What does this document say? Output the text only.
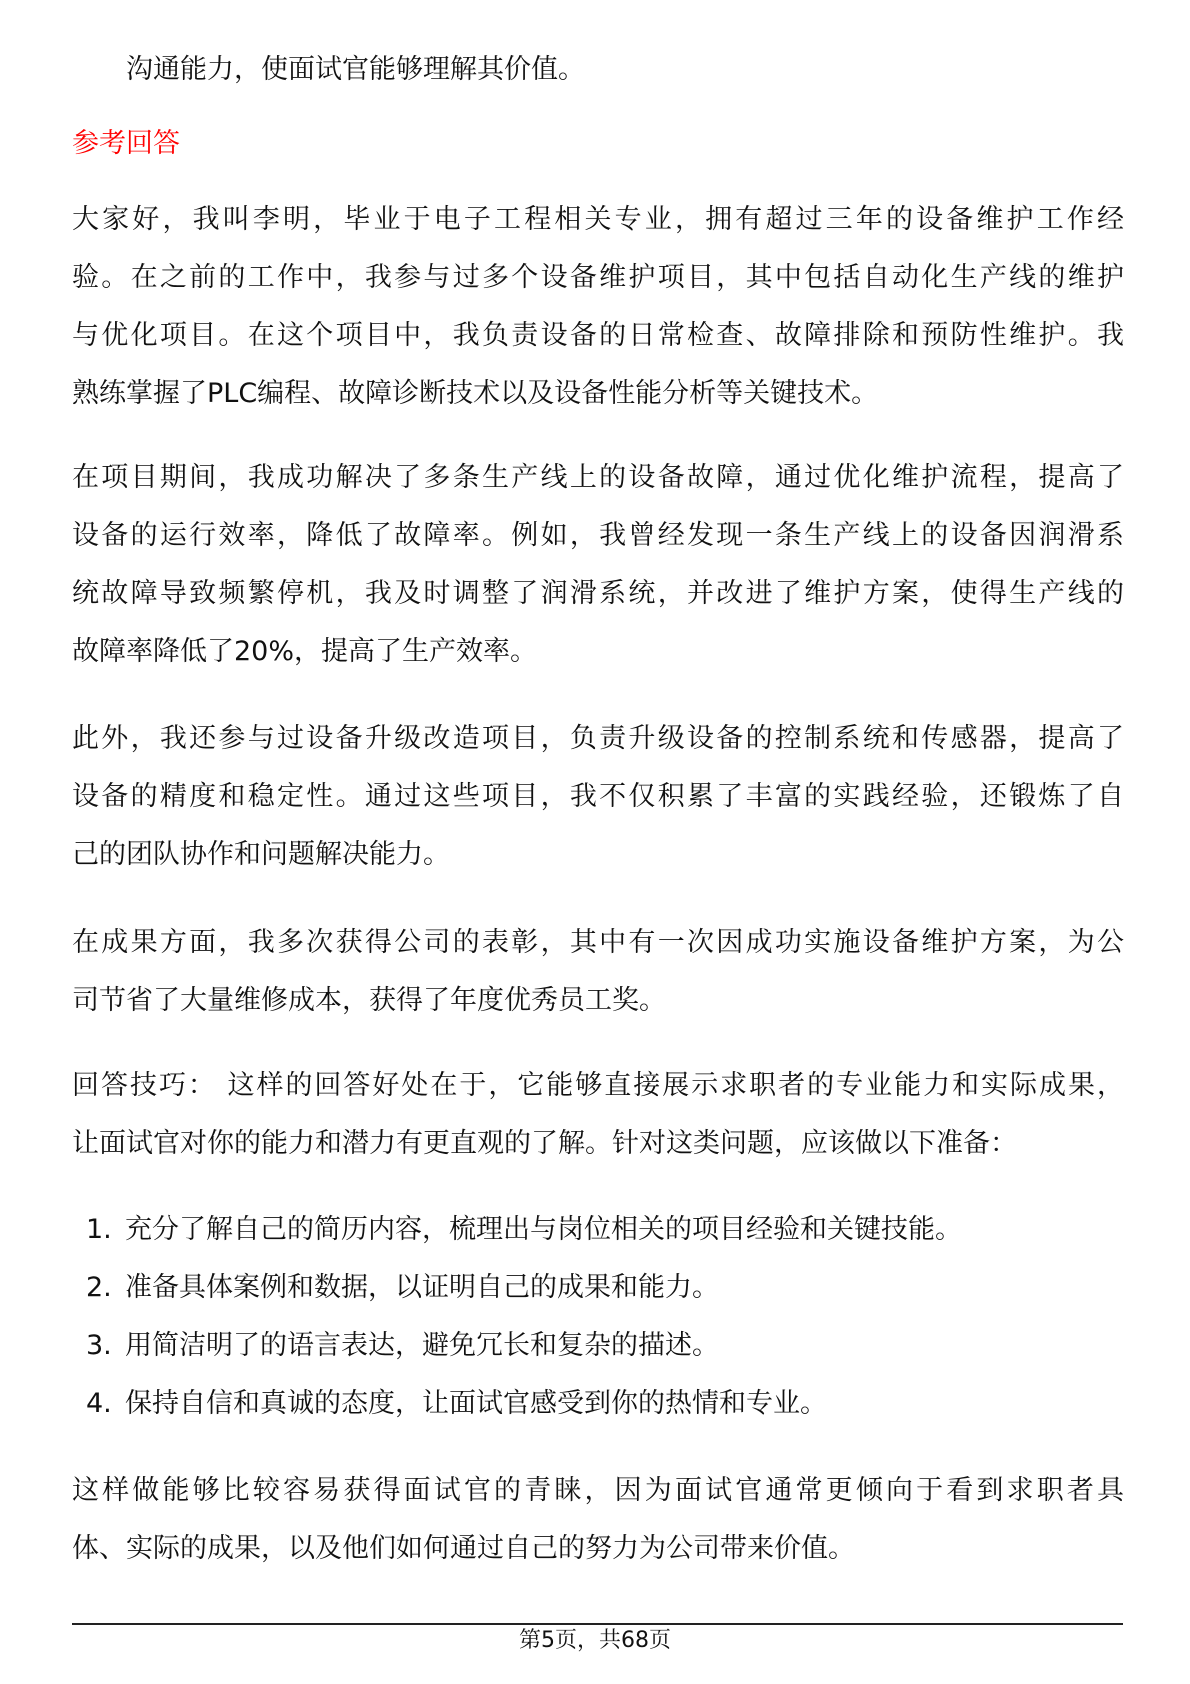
沟通能力，使面试官能够理解其价值。
参考回答
大家好，我叫李明，毕业于电子工程相关专业，拥有超过三年的设备维护工作经
验。在之前的工作中，我参与过多个设备维护项目，其中包括自动化生产线的维护
与优化项目。在这个项目中，我负责设备的日常检查、故障排除和预防性维护。我
熟练掌握了PLC编程、故障诊断技术以及设备性能分析等关键技术。
在项目期间，我成功解决了多条生产线上的设备故障，通过优化维护流程，提高了
设备的运行效率，降低了故障率。例如，我曾经发现一条生产线上的设备因润滑系
统故障导致频繁停机，我及时调整了润滑系统，并改进了维护方案，使得生产线的
故障率降低了20%，提高了生产效率。
此外，我还参与过设备升级改造项目，负责升级设备的控制系统和传感器，提高了
设备的精度和稳定性。通过这些项目，我不仅积累了丰富的实践经验，还锻炼了自
己的团队协作和问题解决能力。
在成果方面，我多次获得公司的表彰，其中有一次因成功实施设备维护方案，为公
司节省了大量维修成本，获得了年度优秀员工奖。
回答技巧： 这样的回答好处在于，它能够直接展示求职者的专业能力和实际成果，
让面试官对你的能力和潜力有更直观的了解。针对这类问题，应该做以下准备：
1. 充分了解自己的简历内容，梳理出与岗位相关的项目经验和关键技能。
2. 准备具体案例和数据，以证明自己的成果和能力。
3. 用简洁明了的语言表达，避免冗长和复杂的描述。
4. 保持自信和真诚的态度，让面试官感受到你的热情和专业。
这样做能够比较容易获得面试官的青睐，因为面试官通常更倾向于看到求职者具
体、实际的成果，以及他们如何通过自己的努力为公司带来价值。
第5页，共68页
